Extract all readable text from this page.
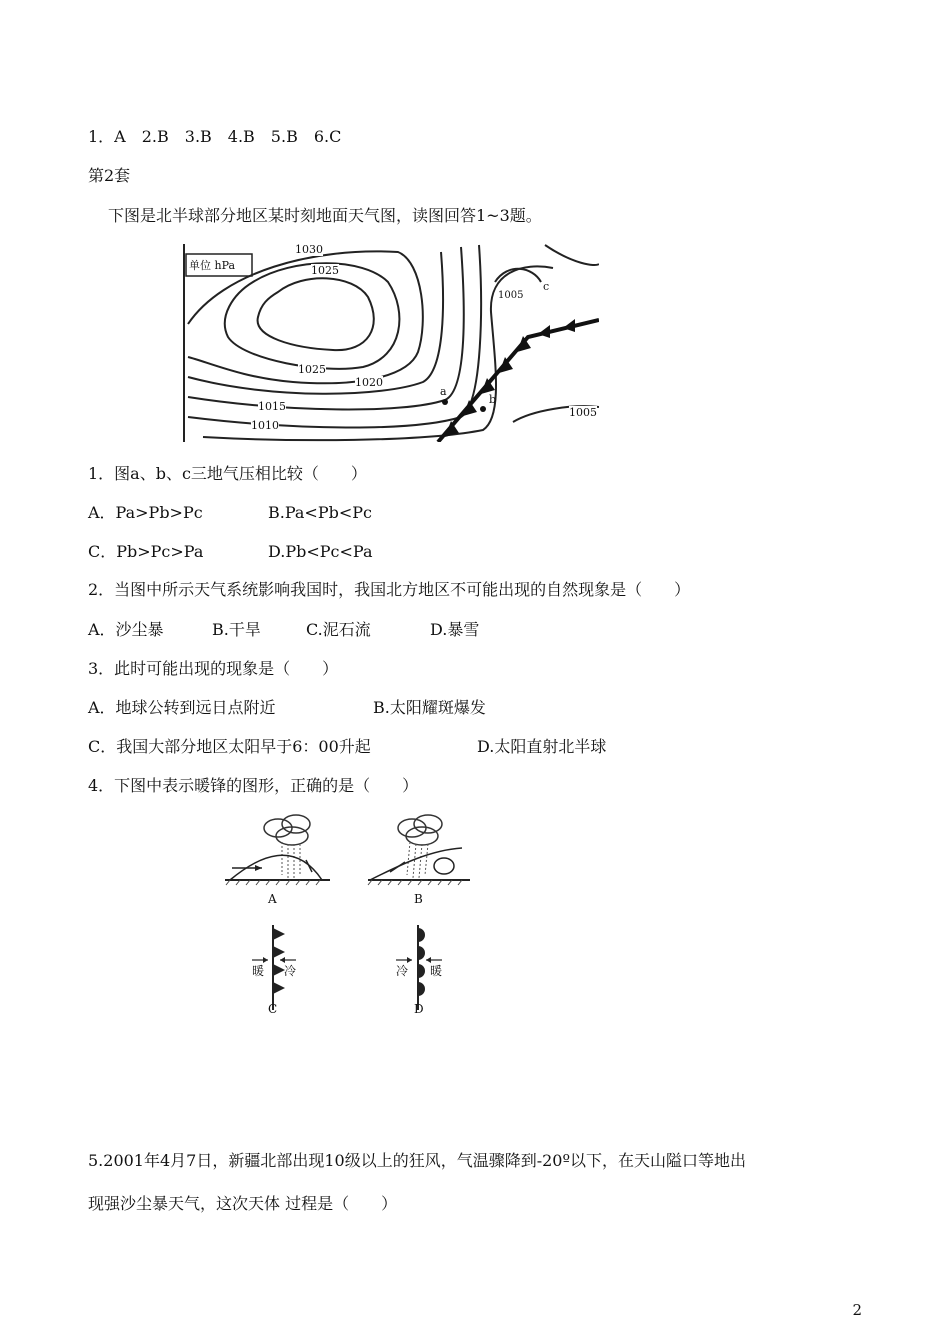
1．A　2.B　3.B　4.B　5.B　6.C
第2套
下图是北半球部分地区某时刻地面天气图，读图回答1~3题。
单位 hPa
1030
1025
1025
1020
1015
1010
1005
1005
a
b
c
1．图a、b、c三地气压相比较（　　）
A．Pa>Pb>Pc	B.Pa<Pb<Pc
C．Pb>Pc>Pa	D.Pb<Pc<Pa
2．当图中所示天气系统影响我国时，我国北方地区不可能出现的自然现象是（　　）
A．沙尘暴	B.干旱	C.泥石流	D.暴雪
3．此时可能出现的现象是（　　）
A．地球公转到远日点附近	B.太阳耀斑爆发
C．我国大部分地区太阳早于6：00升起	D.太阳直射北半球
4．下图中表示暖锋的图形，正确的是（　　）
A	B
C	D
暖 冷	冷 暖
5.2001年4月7日，新疆北部出现10级以上的狂风，气温骤降到-20º以下，在天山隘口等地出
现强沙尘暴天气，这次天体 过程是（　　）
2
